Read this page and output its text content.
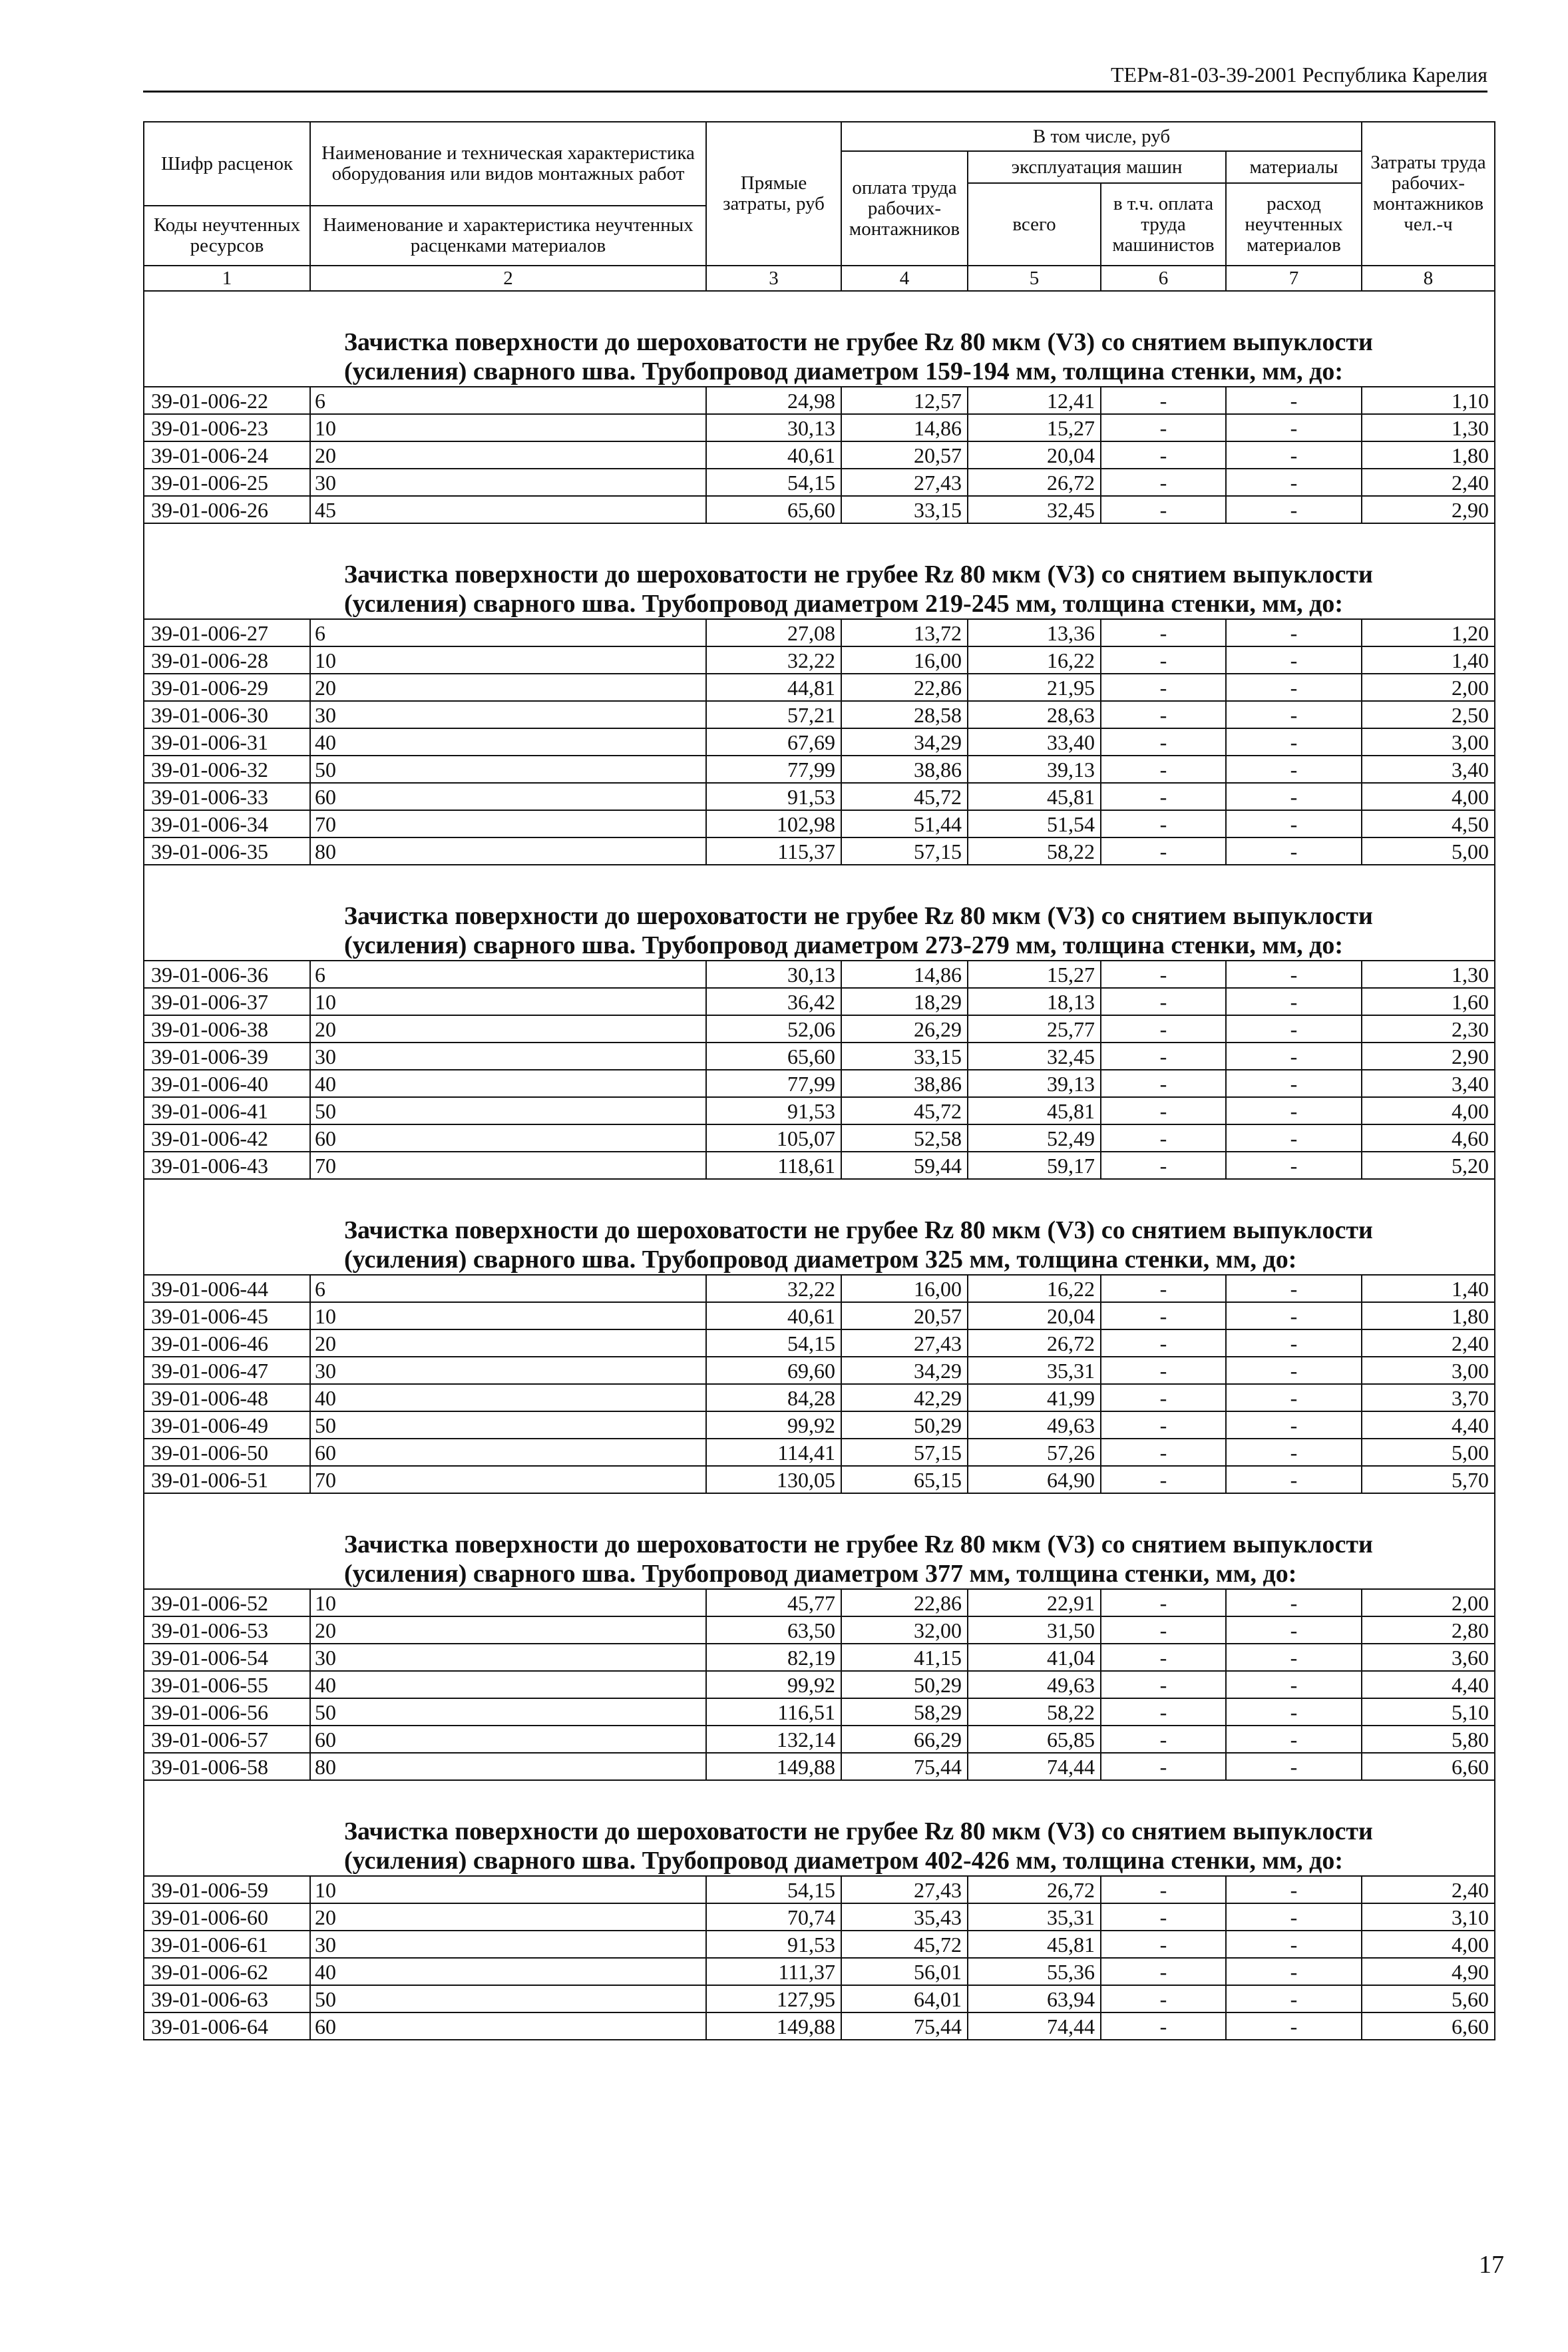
ТЕРм-81-03-39-2001 Республика Карелия
Шифр расценок	Наименование и техническая характеристика оборудования или видов монтажных работ	Прямые затраты, руб	В том числе, руб				Затраты труда рабочих-монтажников чел.-ч
			оплата труда рабочих-монтажников	эксплуатация машин		материалы	
				всего	в т.ч. оплата труда машинистов	расход неучтенных материалов	
Коды неучтенных ресурсов	Наименование и характеристика неучтенных расценками материалов						

1	2	3	4	5	6	7	8
Зачистка поверхности до шероховатости не грубее Rz 80 мкм (V3) со снятием выпуклости (усиления) сварного шва. Трубопровод диаметром 159-194 мм, толщина стенки, мм, до:							
39-01-006-22	6	24,98	12,57	12,41	-	-	1,10
39-01-006-23	10	30,13	14,86	15,27	-	-	1,30
39-01-006-24	20	40,61	20,57	20,04	-	-	1,80
39-01-006-25	30	54,15	27,43	26,72	-	-	2,40
39-01-006-26	45	65,60	33,15	32,45	-	-	2,90
Зачистка поверхности до шероховатости не грубее Rz 80 мкм (V3) со снятием выпуклости (усиления) сварного шва. Трубопровод диаметром 219-245 мм, толщина стенки, мм, до:							
39-01-006-27	6	27,08	13,72	13,36	-	-	1,20
39-01-006-28	10	32,22	16,00	16,22	-	-	1,40
39-01-006-29	20	44,81	22,86	21,95	-	-	2,00
39-01-006-30	30	57,21	28,58	28,63	-	-	2,50
39-01-006-31	40	67,69	34,29	33,40	-	-	3,00
39-01-006-32	50	77,99	38,86	39,13	-	-	3,40
39-01-006-33	60	91,53	45,72	45,81	-	-	4,00
39-01-006-34	70	102,98	51,44	51,54	-	-	4,50
39-01-006-35	80	115,37	57,15	58,22	-	-	5,00
Зачистка поверхности до шероховатости не грубее Rz 80 мкм (V3) со снятием выпуклости (усиления) сварного шва. Трубопровод диаметром 273-279 мм, толщина стенки, мм, до:							
39-01-006-36	6	30,13	14,86	15,27	-	-	1,30
39-01-006-37	10	36,42	18,29	18,13	-	-	1,60
39-01-006-38	20	52,06	26,29	25,77	-	-	2,30
39-01-006-39	30	65,60	33,15	32,45	-	-	2,90
39-01-006-40	40	77,99	38,86	39,13	-	-	3,40
39-01-006-41	50	91,53	45,72	45,81	-	-	4,00
39-01-006-42	60	105,07	52,58	52,49	-	-	4,60
39-01-006-43	70	118,61	59,44	59,17	-	-	5,20
Зачистка поверхности до шероховатости не грубее Rz 80 мкм (V3) со снятием выпуклости (усиления) сварного шва. Трубопровод диаметром 325 мм, толщина стенки, мм, до:							
39-01-006-44	6	32,22	16,00	16,22	-	-	1,40
39-01-006-45	10	40,61	20,57	20,04	-	-	1,80
39-01-006-46	20	54,15	27,43	26,72	-	-	2,40
39-01-006-47	30	69,60	34,29	35,31	-	-	3,00
39-01-006-48	40	84,28	42,29	41,99	-	-	3,70
39-01-006-49	50	99,92	50,29	49,63	-	-	4,40
39-01-006-50	60	114,41	57,15	57,26	-	-	5,00
39-01-006-51	70	130,05	65,15	64,90	-	-	5,70
Зачистка поверхности до шероховатости не грубее Rz 80 мкм (V3) со снятием выпуклости (усиления) сварного шва. Трубопровод диаметром 377 мм, толщина стенки, мм, до:							
39-01-006-52	10	45,77	22,86	22,91	-	-	2,00
39-01-006-53	20	63,50	32,00	31,50	-	-	2,80
39-01-006-54	30	82,19	41,15	41,04	-	-	3,60
39-01-006-55	40	99,92	50,29	49,63	-	-	4,40
39-01-006-56	50	116,51	58,29	58,22	-	-	5,10
39-01-006-57	60	132,14	66,29	65,85	-	-	5,80
39-01-006-58	80	149,88	75,44	74,44	-	-	6,60
Зачистка поверхности до шероховатости не грубее Rz 80 мкм (V3) со снятием выпуклости (усиления) сварного шва. Трубопровод диаметром 402-426 мм, толщина стенки, мм, до:							
39-01-006-59	10	54,15	27,43	26,72	-	-	2,40
39-01-006-60	20	70,74	35,43	35,31	-	-	3,10
39-01-006-61	30	91,53	45,72	45,81	-	-	4,00
39-01-006-62	40	111,37	56,01	55,36	-	-	4,90
39-01-006-63	50	127,95	64,01	63,94	-	-	5,60
39-01-006-64	60	149,88	75,44	74,44	-	-	6,60
17
